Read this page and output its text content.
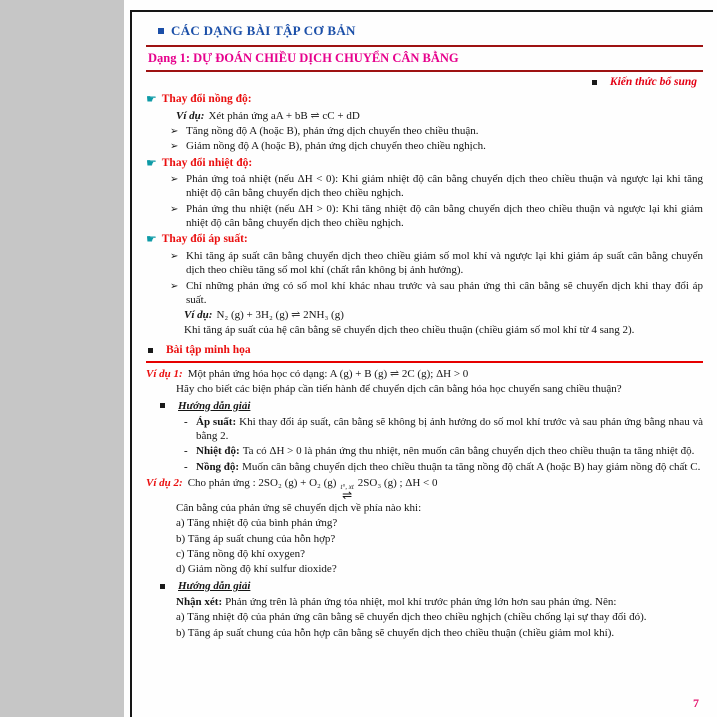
CÁC DẠNG BÀI TẬP CƠ BẢN
Dạng 1: DỰ ĐOÁN CHIỀU DỊCH CHUYỂN CÂN BẰNG
Kiến thức bổ sung
☛ Thay đổi nồng độ:

Ví dụ: Xét phản ứng aA + bB ⇌ cC + dD

➢ Tăng nồng độ A (hoặc B), phản ứng dịch chuyển theo chiều thuận.

➢ Giảm nồng độ A (hoặc B), phản ứng dịch chuyển theo chiều nghịch.

☛ Thay đổi nhiệt độ:
➢ Phản ứng toả nhiệt (nếu ΔH < 0): Khi giảm nhiệt độ cân bằng chuyển dịch theo chiều thuận và ngược lại khi tăng nhiệt độ cân bằng chuyển dịch theo chiều nghịch.

➢ Phản ứng thu nhiệt (nếu ΔH > 0): Khi tăng nhiệt độ cân bằng chuyển dịch theo chiều thuận và ngược lại khi giảm nhiệt độ cân bằng chuyển dịch theo chiều nghịch.

☛ Thay đổi áp suất:
➢ Khi tăng áp suất cân bằng chuyển dịch theo chiều giảm số mol khí và ngược lại khi giảm áp suất cân bằng chuyển dịch theo chiều tăng số mol khí (chất rắn không bị ảnh hưởng).

➢ Chỉ những phản ứng có số mol khí khác nhau trước và sau phản ứng thì cân bằng sẽ chuyển dịch khi thay đổi áp suất.

Ví dụ: N₂ (g) + 3H₂ (g) ⇌ 2NH₃ (g)

Khi tăng áp suất của hệ cân bằng sẽ chuyển dịch theo chiều thuận (chiều giảm số mol khí từ 4 sang 2).

Bài tập minh họa

Ví dụ 1: Một phản ứng hóa học có dạng: A (g) + B (g) ⇌ 2C (g); ΔH > 0

Hãy cho biết các biện pháp cần tiến hành để chuyển dịch cân bằng hóa học chuyển sang chiều thuận?

Hướng dẫn giải
- Áp suất: Khi thay đổi áp suất, cân bằng sẽ không bị ảnh hưởng do số mol khí trước và sau phản ứng bằng nhau và bằng 2.

- Nhiệt độ: Ta có ΔH > 0 là phản ứng thu nhiệt, nên muốn cân bằng chuyển dịch theo chiều thuận ta tăng nhiệt độ.

- Nồng độ: Muốn cân bằng chuyển dịch theo chiều thuận ta tăng nồng độ chất A (hoặc B) hay giảm nồng độ chất C.

Ví dụ 2: Cho phản ứng : 2SO₂ (g) + O₂ (g) t°, xt
⇌
2SO₃ (g) ; ΔH < 0

Cân bằng của phản ứng sẽ chuyển dịch về phía nào khi:

a) Tăng nhiệt độ của bình phản ứng?

b) Tăng áp suất chung của hỗn hợp?

c) Tăng nồng độ khí oxygen?

d) Giảm nồng độ khí sulfur dioxide?

Hướng dẫn giải

Nhận xét: Phản ứng trên là phản ứng tỏa nhiệt, mol khí trước phản ứng lớn hơn sau phản ứng. Nên:

a) Tăng nhiệt độ của phản ứng cân bằng sẽ chuyển dịch theo chiều nghịch (chiều chống lại sự thay đổi đó).

b) Tăng áp suất chung của hỗn hợp cân bằng sẽ chuyển dịch theo chiều thuận (chiều giảm mol khí).

7
